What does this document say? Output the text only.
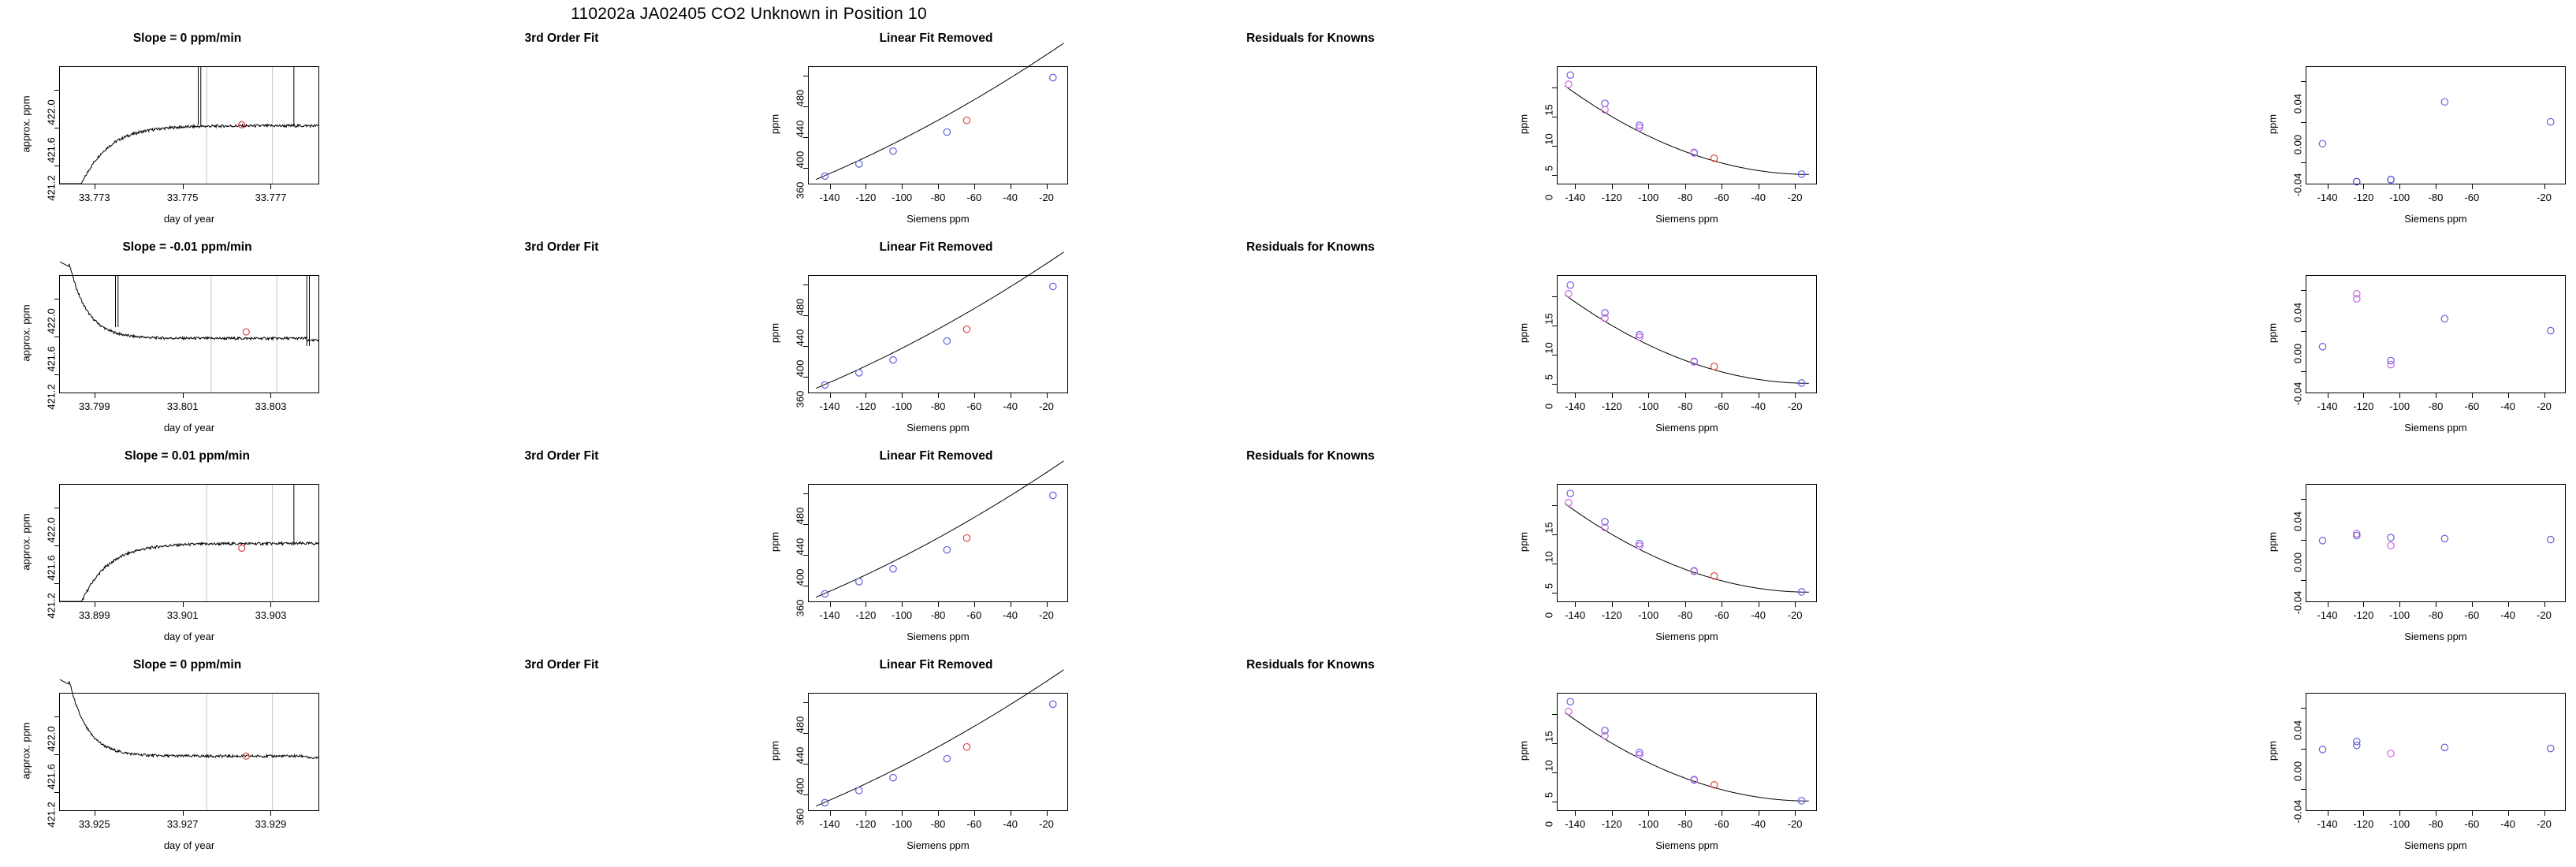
110202a JA02405 CO2 Unknown in Position 10
Slope = 0 ppm/min
day of year
approx. ppm
33.773	33.775	33.777
421.2
421.6
422.0
3rd Order Fit
Siemens ppm
ppm
-140	-120	-100	-80	-60	-40	-20
360
400
440
480
Linear Fit Removed
Siemens ppm
ppm
-140	-120	-100	-80	-60	-40	-20
0
5
10
15
Residuals for Knowns
Siemens ppm
ppm
-140	-120	-100	-80	-60	-20
-0.04
0.00
0.04
Slope = -0.01 ppm/min
day of year
approx. ppm
33.799	33.801	33.803
421.2
421.6
422.0
3rd Order Fit
Siemens ppm
ppm
-140	-120	-100	-80	-60	-40	-20
360
400
440
480
Linear Fit Removed
Siemens ppm
ppm
-140	-120	-100	-80	-60	-40	-20
0
5
10
15
Residuals for Knowns
Siemens ppm
ppm
-140	-120	-100	-80	-60	-40	-20
-0.04
0.00
0.04
Slope = 0.01 ppm/min
day of year
approx. ppm
33.899	33.901	33.903
421.2
421.6
422.0
3rd Order Fit
Siemens ppm
ppm
-140	-120	-100	-80	-60	-40	-20
360
400
440
480
Linear Fit Removed
Siemens ppm
ppm
-140	-120	-100	-80	-60	-40	-20
0
5
10
15
Residuals for Knowns
Siemens ppm
ppm
-140	-120	-100	-80	-60	-40	-20
-0.04
0.00
0.04
Slope = 0 ppm/min
day of year
approx. ppm
33.925	33.927	33.929
421.2
421.6
422.0
3rd Order Fit
Siemens ppm
ppm
-140	-120	-100	-80	-60	-40	-20
360
400
440
480
Linear Fit Removed
Siemens ppm
ppm
-140	-120	-100	-80	-60	-40	-20
0
5
10
15
Residuals for Knowns
Siemens ppm
ppm
-140	-120	-100	-80	-60	-40	-20
-0.04
0.00
0.04
